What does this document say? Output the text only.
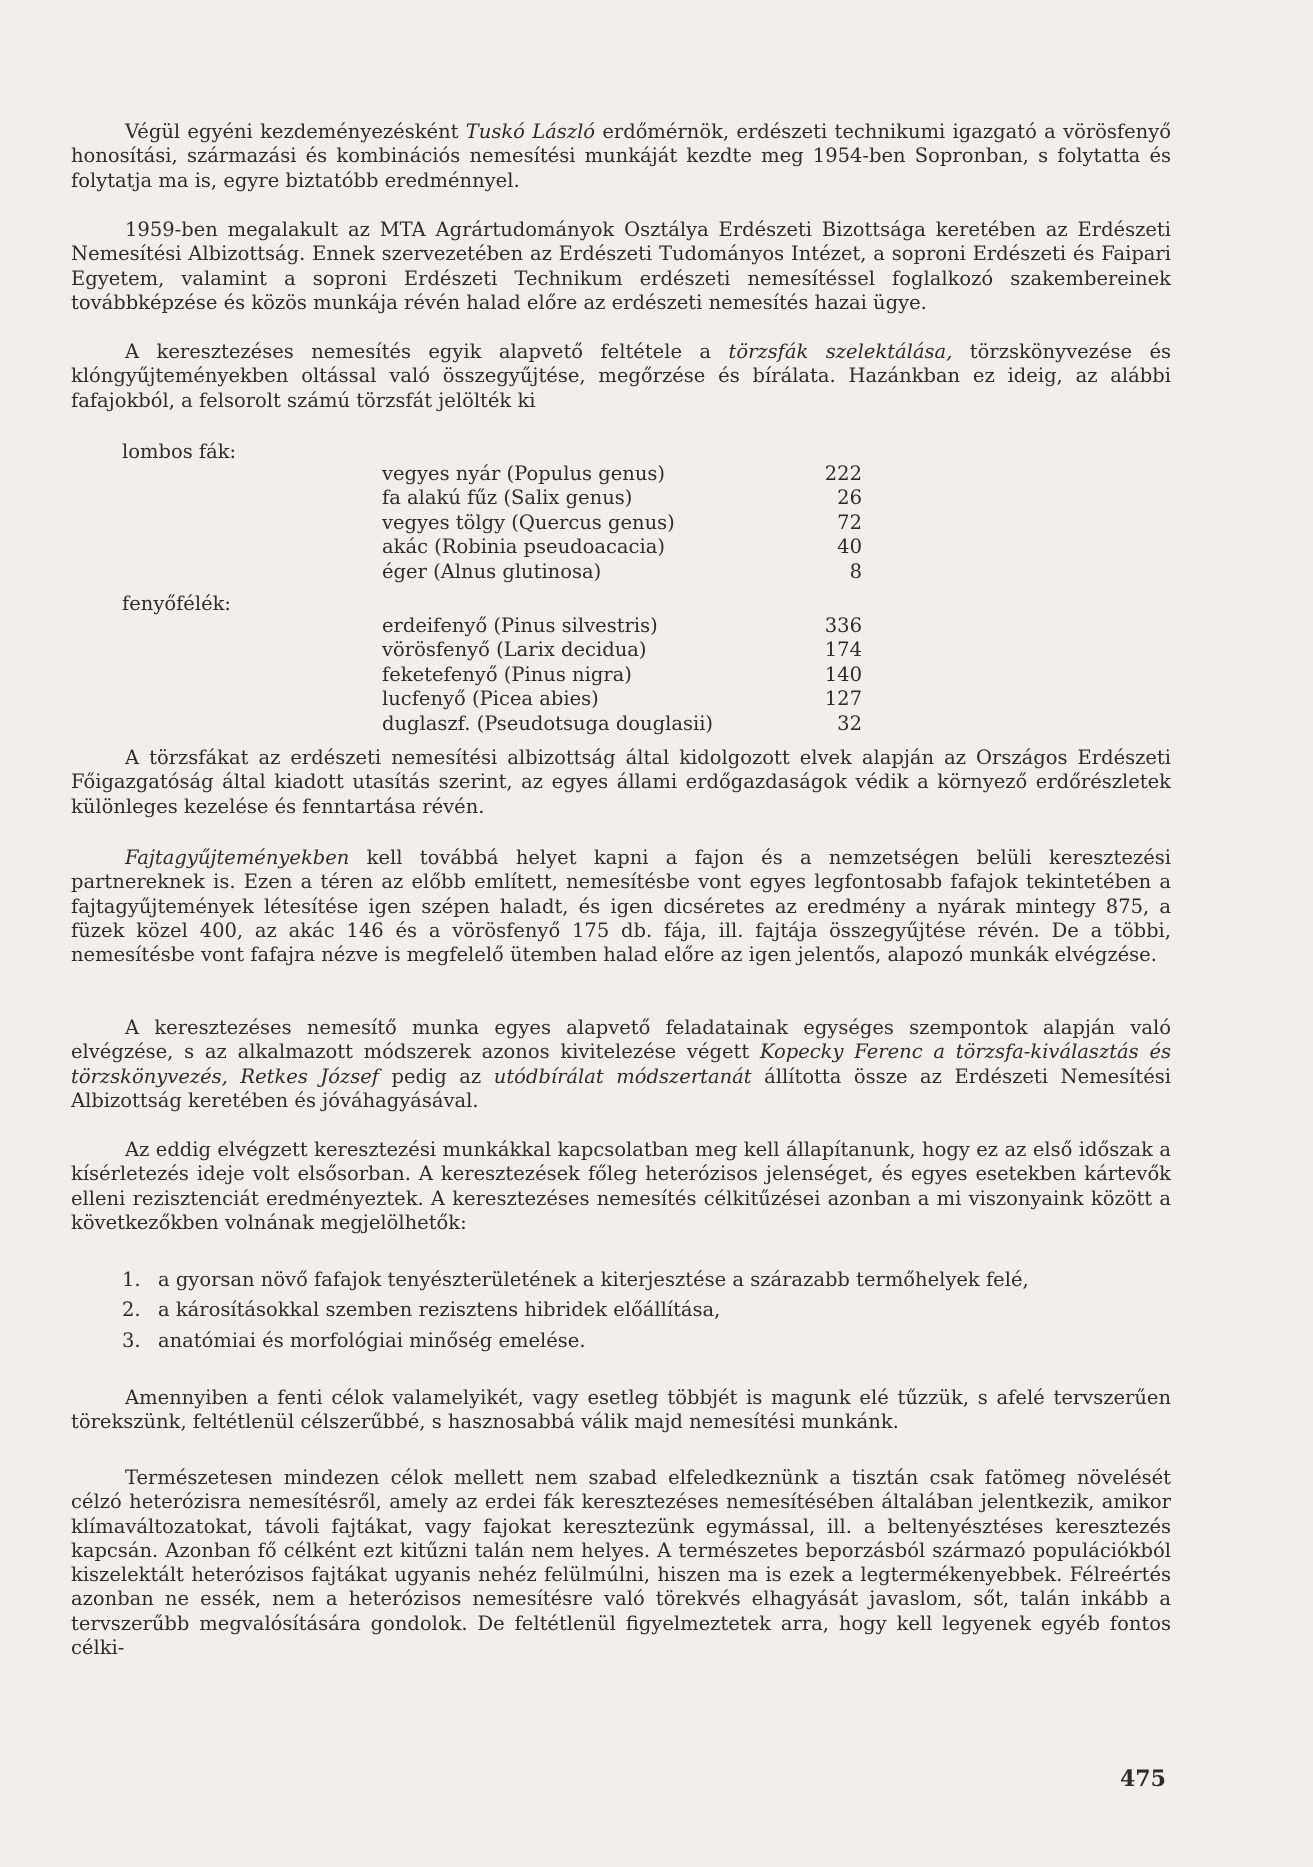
Végül egyéni kezdeményezésként Tuskó László erdőmérnök, erdészeti technikumi igazgató a vörösfenyő honosítási, származási és kombinációs nemesítési munkáját kezdte meg 1954-ben Sopronban, s folytatta és folytatja ma is, egyre biztatóbb eredménnyel.

1959-ben megalakult az MTA Agrártudományok Osztálya Erdészeti Bizottsága keretében az Erdészeti Nemesítési Albizottság. Ennek szervezetében az Erdészeti Tudományos Intézet, a soproni Erdészeti és Faipari Egyetem, valamint a soproni Erdészeti Technikum erdészeti nemesítéssel foglalkozó szakembereinek továbbképzése és közös munkája révén halad előre az erdészeti nemesítés hazai ügye.

A keresztezéses nemesítés egyik alapvető feltétele a törzsfák szelektálása, törzskönyvezése és klóngyűjteményekben oltással való összegyűjtése, megőrzése és bírálata. Hazánkban ez ideig, az alábbi fafajokból, a felsorolt számú törzsfát jelölték ki

lombos fák:
vegyes nyár (Populus genus)	222
fa alakú fűz (Salix genus)	26
vegyes tölgy (Quercus genus)	72
akác (Robinia pseudoacacia)	40
éger (Alnus glutinosa)	8
fenyőfélék:
erdeifenyő (Pinus silvestris)	336
vörösfenyő (Larix decidua)	174
feketefenyő (Pinus nigra)	140
lucfenyő (Picea abies)	127
duglaszf. (Pseudotsuga douglasii)	32

A törzsfákat az erdészeti nemesítési albizottság által kidolgozott elvek alapján az Országos Erdészeti Főigazgatóság által kiadott utasítás szerint, az egyes állami erdőgazdaságok védik a környező erdőrészletek különleges kezelése és fenntartása révén.

Fajtagyűjteményekben kell továbbá helyet kapni a fajon és a nemzetségen belüli keresztezési partnereknek is. Ezen a téren az előbb említett, nemesítésbe vont egyes legfontosabb fafajok tekintetében a fajtagyűjtemények létesítése igen szépen haladt, és igen dicséretes az eredmény a nyárak mintegy 875, a füzek közel 400, az akác 146 és a vörösfenyő 175 db. fája, ill. fajtája összegyűjtése révén. De a többi, nemesítésbe vont fafajra nézve is megfelelő ütemben halad előre az igen jelentős, alapozó munkák elvégzése.

A keresztezéses nemesítő munka egyes alapvető feladatainak egységes szempontok alapján való elvégzése, s az alkalmazott módszerek azonos kivitelezése végett Kopecky Ferenc a törzsfa-kiválasztás és törzskönyvezés, Retkes József pedig az utódbírálat módszertanát állította össze az Erdészeti Nemesítési Albizottság keretében és jóváhagyásával.

Az eddig elvégzett keresztezési munkákkal kapcsolatban meg kell állapítanunk, hogy ez az első időszak a kísérletezés ideje volt elsősorban. A keresztezések főleg heterózisos jelenséget, és egyes esetekben kártevők elleni rezisztenciát eredményeztek. A keresztezéses nemesítés célkitűzései azonban a mi viszonyaink között a következőkben volnának megjelölhetők:

1. a gyorsan növő fafajok tenyészterületének a kiterjesztése a szárazabb termőhelyek felé,
2. a károsításokkal szemben rezisztens hibridek előállítása,
3. anatómiai és morfológiai minőség emelése.

Amennyiben a fenti célok valamelyikét, vagy esetleg többjét is magunk elé tűzzük, s afelé tervszerűen törekszünk, feltétlenül célszerűbbé, s hasznosabbá válik majd nemesítési munkánk.

Természetesen mindezen célok mellett nem szabad elfeledkeznünk a tisztán csak fatömeg növelését célzó heterózisra nemesítésről, amely az erdei fák keresztezéses nemesítésében általában jelentkezik, amikor klímaváltozatokat, távoli fajtákat, vagy fajokat keresztezünk egymással, ill. a beltenyésztéses keresztezés kapcsán. Azonban fő célként ezt kitűzni talán nem helyes. A természetes beporzásból származó populációkból kiszelektált heterózisos fajtákat ugyanis nehéz felülmúlni, hiszen ma is ezek a legtermékenyebbek. Félreértés azonban ne essék, nem a heterózisos nemesítésre való törekvés elhagyását javaslom, sőt, talán inkább a tervszerűbb megvalósítására gondolok. De feltétlenül figyelmeztetek arra, hogy kell legyenek egyéb fontos célki-

475
